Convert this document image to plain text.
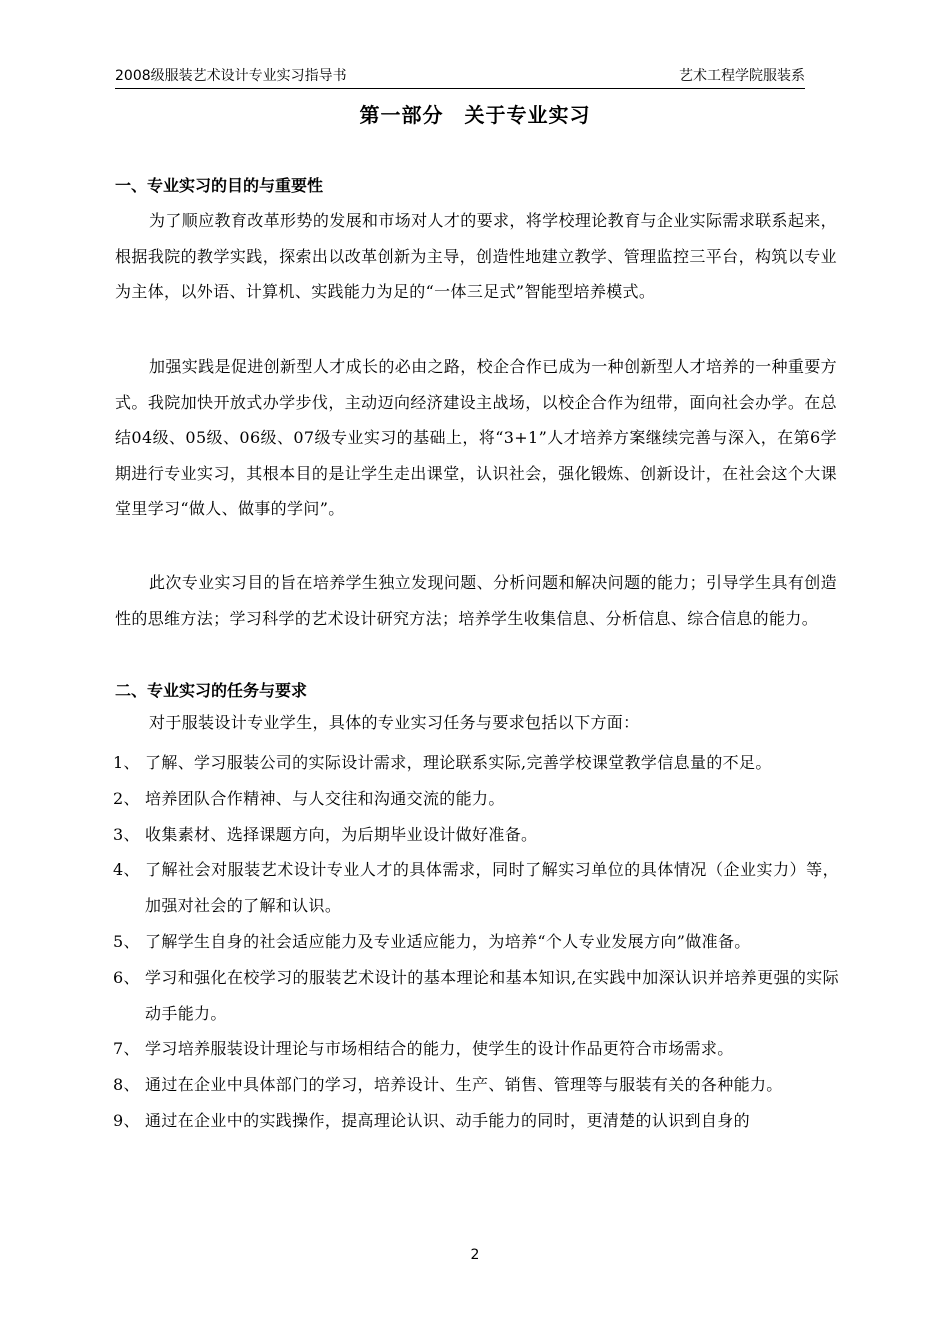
2008级服装艺术设计专业实习指导书	艺术工程学院服装系
第一部分　关于专业实习
一、专业实习的目的与重要性
为了顺应教育改革形势的发展和市场对人才的要求，将学校理论教育与企业实际需求联系起来，根据我院的教学实践，探索出以改革创新为主导，创造性地建立教学、管理监控三平台，构筑以专业为主体，以外语、计算机、实践能力为足的“一体三足式”智能型培养模式。
加强实践是促进创新型人才成长的必由之路，校企合作已成为一种创新型人才培养的一种重要方式。我院加快开放式办学步伐，主动迈向经济建设主战场，以校企合作为纽带，面向社会办学。在总结04级、05级、06级、07级专业实习的基础上，将“3+1”人才培养方案继续完善与深入，在第6学期进行专业实习，其根本目的是让学生走出课堂，认识社会，强化锻炼、创新设计，在社会这个大课堂里学习“做人、做事的学问”。
此次专业实习目的旨在培养学生独立发现问题、分析问题和解决问题的能力；引导学生具有创造性的思维方法；学习科学的艺术设计研究方法；培养学生收集信息、分析信息、综合信息的能力。
二、专业实习的任务与要求
对于服装设计专业学生，具体的专业实习任务与要求包括以下方面：
1、 了解、学习服装公司的实际设计需求，理论联系实际,完善学校课堂教学信息量的不足。
2、 培养团队合作精神、与人交往和沟通交流的能力。
3、 收集素材、选择课题方向，为后期毕业设计做好准备。
4、 了解社会对服装艺术设计专业人才的具体需求，同时了解实习单位的具体情况（企业实力）等，加强对社会的了解和认识。
5、 了解学生自身的社会适应能力及专业适应能力，为培养“个人专业发展方向”做准备。
6、 学习和强化在校学习的服装艺术设计的基本理论和基本知识,在实践中加深认识并培养更强的实际动手能力。
7、 学习培养服装设计理论与市场相结合的能力，使学生的设计作品更符合市场需求。
8、 通过在企业中具体部门的学习，培养设计、生产、销售、管理等与服装有关的各种能力。
9、 通过在企业中的实践操作，提高理论认识、动手能力的同时，更清楚的认识到自身的
2
